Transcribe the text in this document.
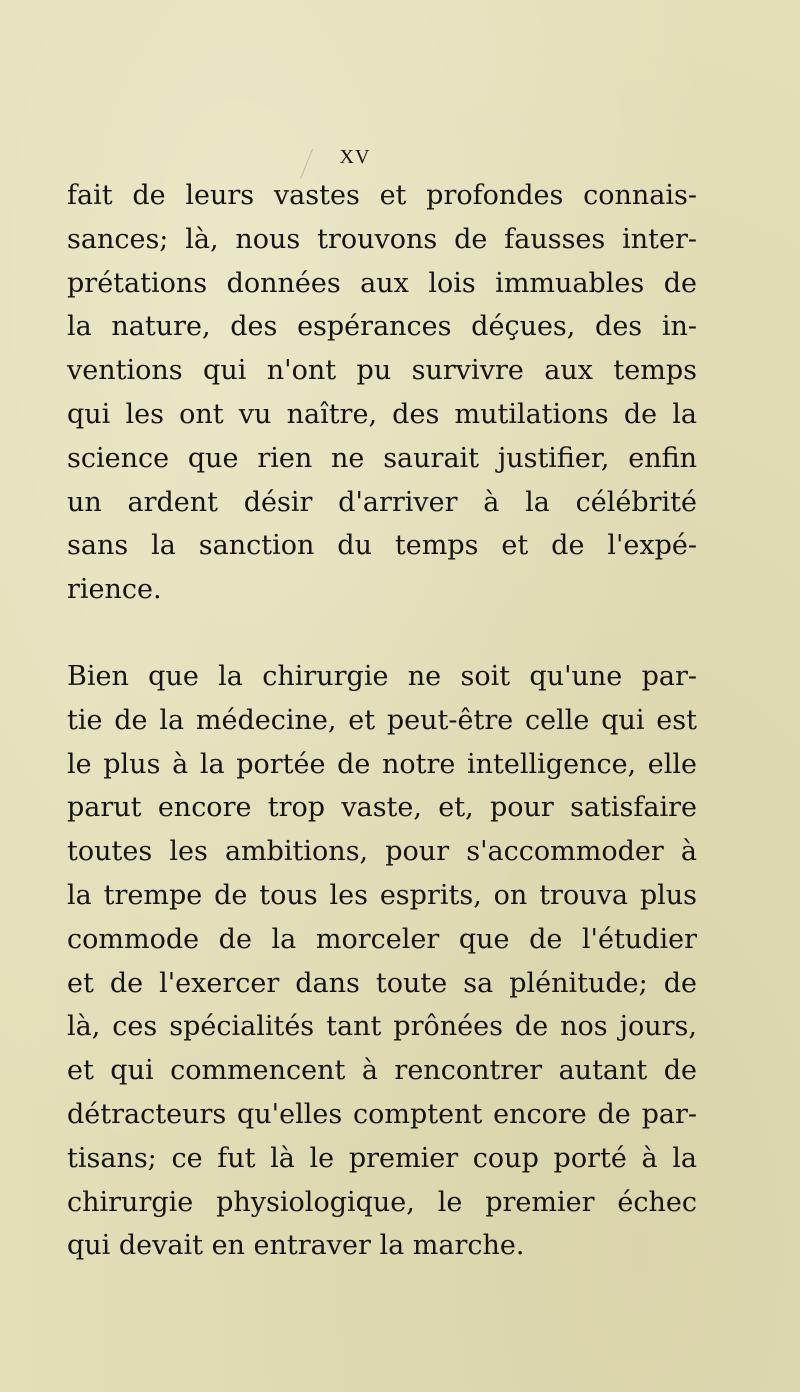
XV
fait de leurs vastes et profondes connais-
sances; là, nous trouvons de fausses inter-
prétations données aux lois immuables de
la nature, des espérances déçues, des in-
ventions qui n'ont pu survivre aux temps
qui les ont vu naître, des mutilations de la
science que rien ne saurait justifier, enfin
un ardent désir d'arriver à la célébrité
sans la sanction du temps et de l'expé-
rience.
Bien que la chirurgie ne soit qu'une par-
tie de la médecine, et peut-être celle qui est
le plus à la portée de notre intelligence, elle
parut encore trop vaste, et, pour satisfaire
toutes les ambitions, pour s'accommoder à
la trempe de tous les esprits, on trouva plus
commode de la morceler que de l'étudier
et de l'exercer dans toute sa plénitude; de
là, ces spécialités tant prônées de nos jours,
et qui commencent à rencontrer autant de
détracteurs qu'elles comptent encore de par-
tisans; ce fut là le premier coup porté à la
chirurgie physiologique, le premier échec
qui devait en entraver la marche.
